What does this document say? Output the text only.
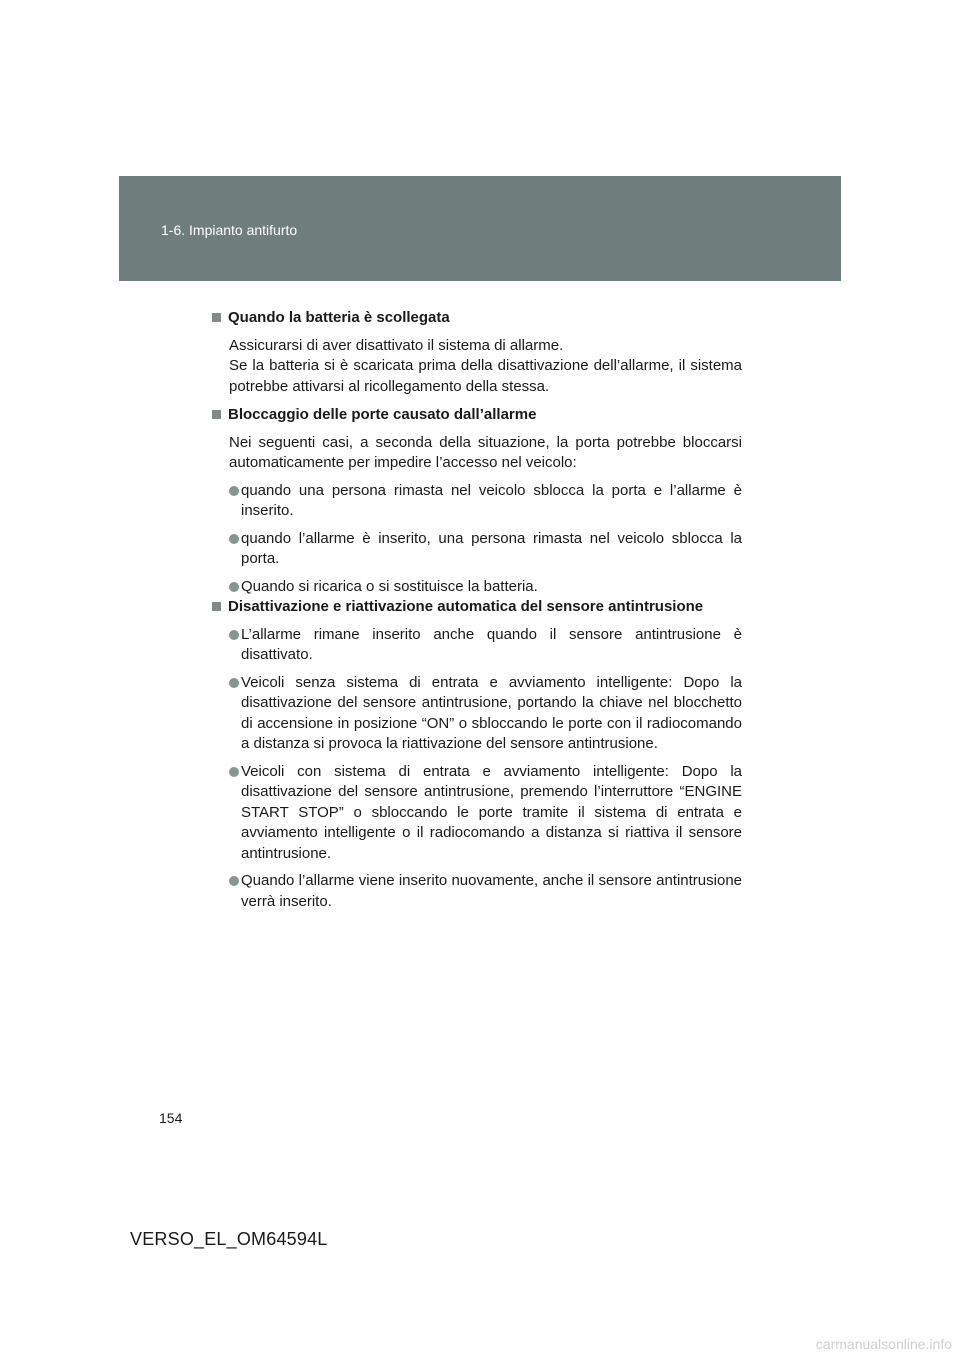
1-6. Impianto antifurto

Quando la batteria è scollegata

Assicurarsi di aver disattivato il sistema di allarme.

Se la batteria si è scaricata prima della disattivazione dell’allarme, il sistema potrebbe attivarsi al ricollegamento della stessa.

Bloccaggio delle porte causato dall’allarme

Nei seguenti casi, a seconda della situazione, la porta potrebbe bloccarsi automaticamente per impedire l’accesso nel veicolo:

quando una persona rimasta nel veicolo sblocca la porta e l’allarme è inserito.
quando l’allarme è inserito, una persona rimasta nel veicolo sblocca la porta.
Quando si ricarica o si sostituisce la batteria.

Disattivazione e riattivazione automatica del sensore antintrusione

L’allarme rimane inserito anche quando il sensore antintrusione è disattivato.
Veicoli senza sistema di entrata e avviamento intelligente: Dopo la disattivazione del sensore antintrusione, portando la chiave nel blocchetto di accensione in posizione “ON” o sbloccando le porte con il radiocomando a distanza si provoca la riattivazione del sensore antintrusione.
Veicoli con sistema di entrata e avviamento intelligente: Dopo la disattivazione del sensore antintrusione, premendo l’interruttore “ENGINE START STOP” o sbloccando le porte tramite il sistema di entrata e avviamento intelligente o il radiocomando a distanza si riattiva il sensore antintrusione.
Quando l’allarme viene inserito nuovamente, anche il sensore antintrusione verrà inserito.
154
VERSO_EL_OM64594L
carmanualsonline.info
